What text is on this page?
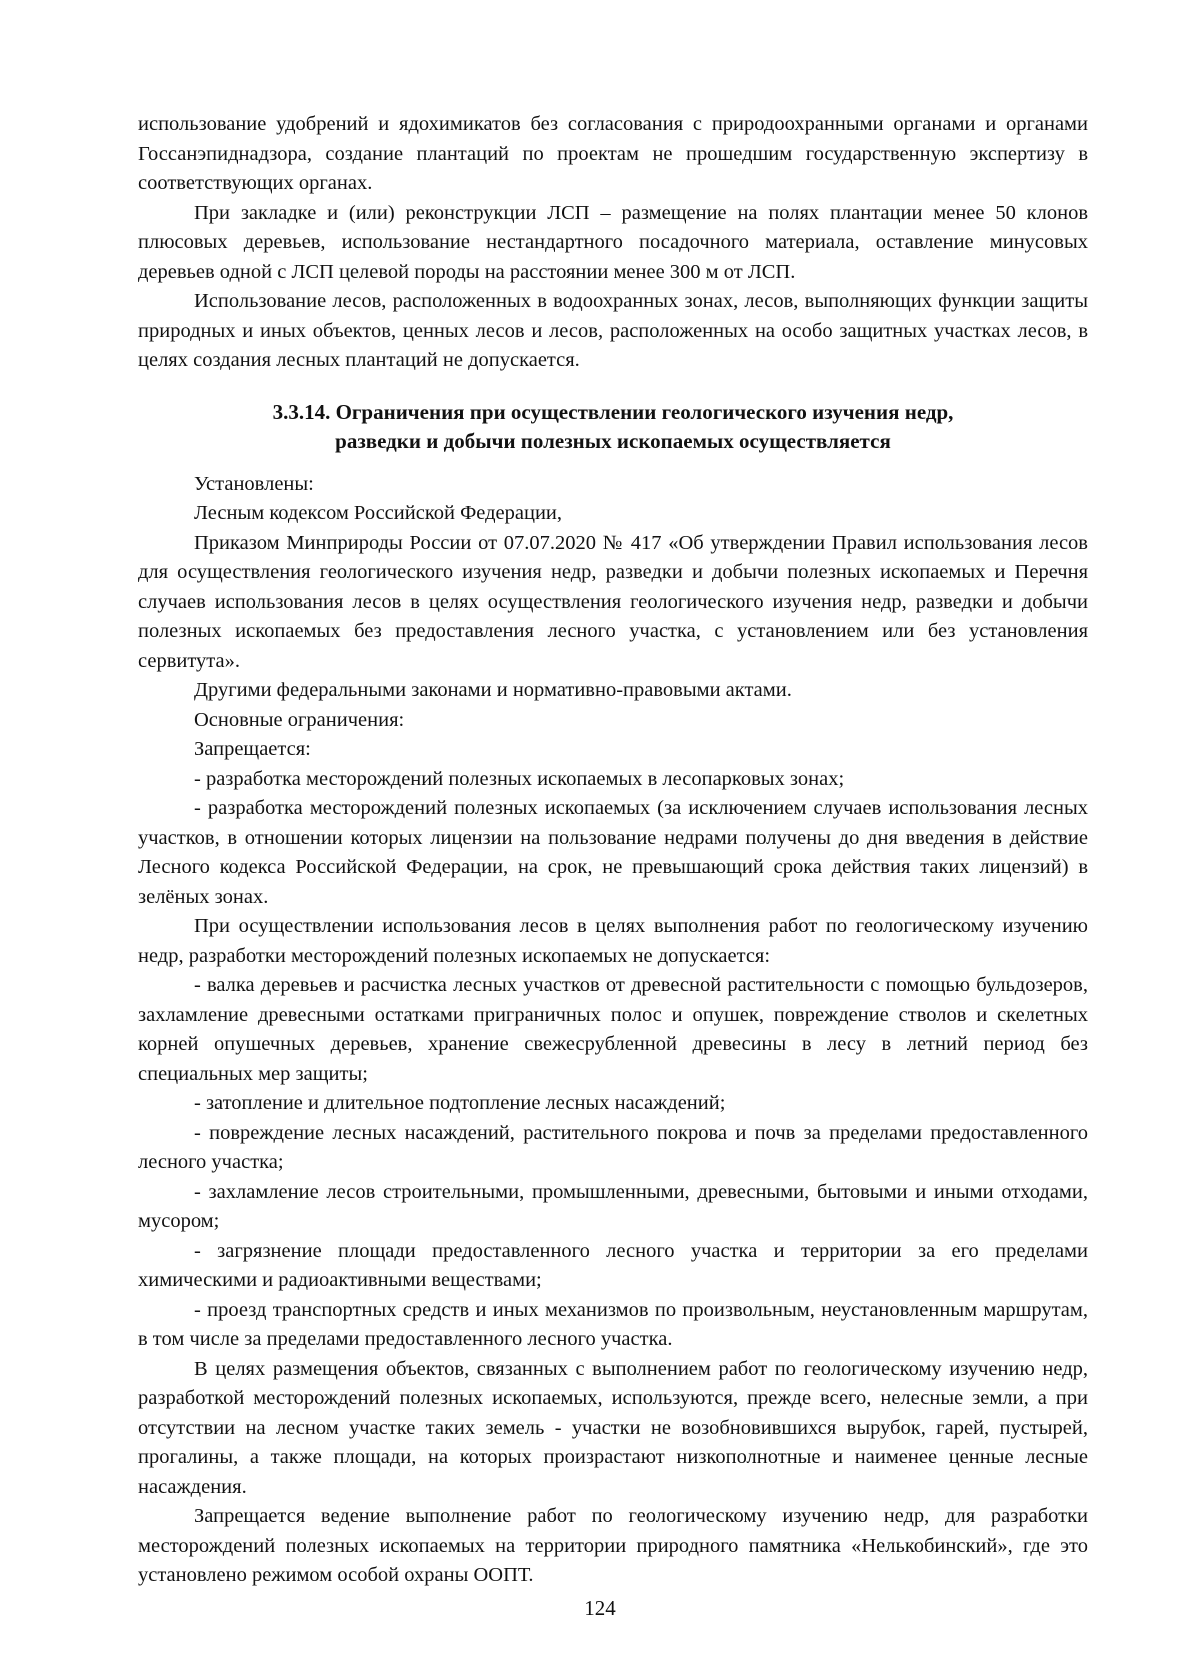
использование удобрений и ядохимикатов без согласования с природоохранными органами и органами Госсанэпиднадзора, создание плантаций по проектам не прошедшим государственную экспертизу в соответствующих органах.

При закладке и (или) реконструкции ЛСП – размещение на полях плантации менее 50 клонов плюсовых деревьев, использование нестандартного посадочного материала, оставление минусовых деревьев одной с ЛСП целевой породы на расстоянии менее 300 м от ЛСП.

Использование лесов, расположенных в водоохранных зонах, лесов, выполняющих функции защиты природных и иных объектов, ценных лесов и лесов, расположенных на особо защитных участках лесов, в целях создания лесных плантаций не допускается.

3.3.14. Ограничения при осуществлении геологического изучения недр,
разведки и добычи полезных ископаемых осуществляется

Установлены:

Лесным кодексом Российской Федерации,

Приказом Минприроды России от 07.07.2020 № 417 «Об утверждении Правил использования лесов для осуществления геологического изучения недр, разведки и добычи полезных ископаемых и Перечня случаев использования лесов в целях осуществления геологического изучения недр, разведки и добычи полезных ископаемых без предоставления лесного участка, с установлением или без установления сервитута».

Другими федеральными законами и нормативно-правовыми актами.

Основные ограничения:

Запрещается:

- разработка месторождений полезных ископаемых в лесопарковых зонах;

- разработка месторождений полезных ископаемых (за исключением случаев использования лесных участков, в отношении которых лицензии на пользование недрами получены до дня введения в действие Лесного кодекса Российской Федерации, на срок, не превышающий срока действия таких лицензий) в зелёных зонах.

При осуществлении использования лесов в целях выполнения работ по геологическому изучению недр, разработки месторождений полезных ископаемых не допускается:

- валка деревьев и расчистка лесных участков от древесной растительности с помощью бульдозеров, захламление древесными остатками приграничных полос и опушек, повреждение стволов и скелетных корней опушечных деревьев, хранение свежесрубленной древесины в лесу в летний период без специальных мер защиты;

- затопление и длительное подтопление лесных насаждений;

- повреждение лесных насаждений, растительного покрова и почв за пределами предоставленного лесного участка;

- захламление лесов строительными, промышленными, древесными, бытовыми и иными отходами, мусором;

- загрязнение площади предоставленного лесного участка и территории за его пределами химическими и радиоактивными веществами;

- проезд транспортных средств и иных механизмов по произвольным, неустановленным маршрутам, в том числе за пределами предоставленного лесного участка.

В целях размещения объектов, связанных с выполнением работ по геологическому изучению недр, разработкой месторождений полезных ископаемых, используются, прежде всего, нелесные земли, а при отсутствии на лесном участке таких земель - участки не возобновившихся вырубок, гарей, пустырей, прогалины, а также площади, на которых произрастают низкополнотные и наименее ценные лесные насаждения.

Запрещается ведение выполнение работ по геологическому изучению недр, для разработки месторождений полезных ископаемых на территории природного памятника «Нелькобинский», где это установлено режимом особой охраны ООПТ.

124
